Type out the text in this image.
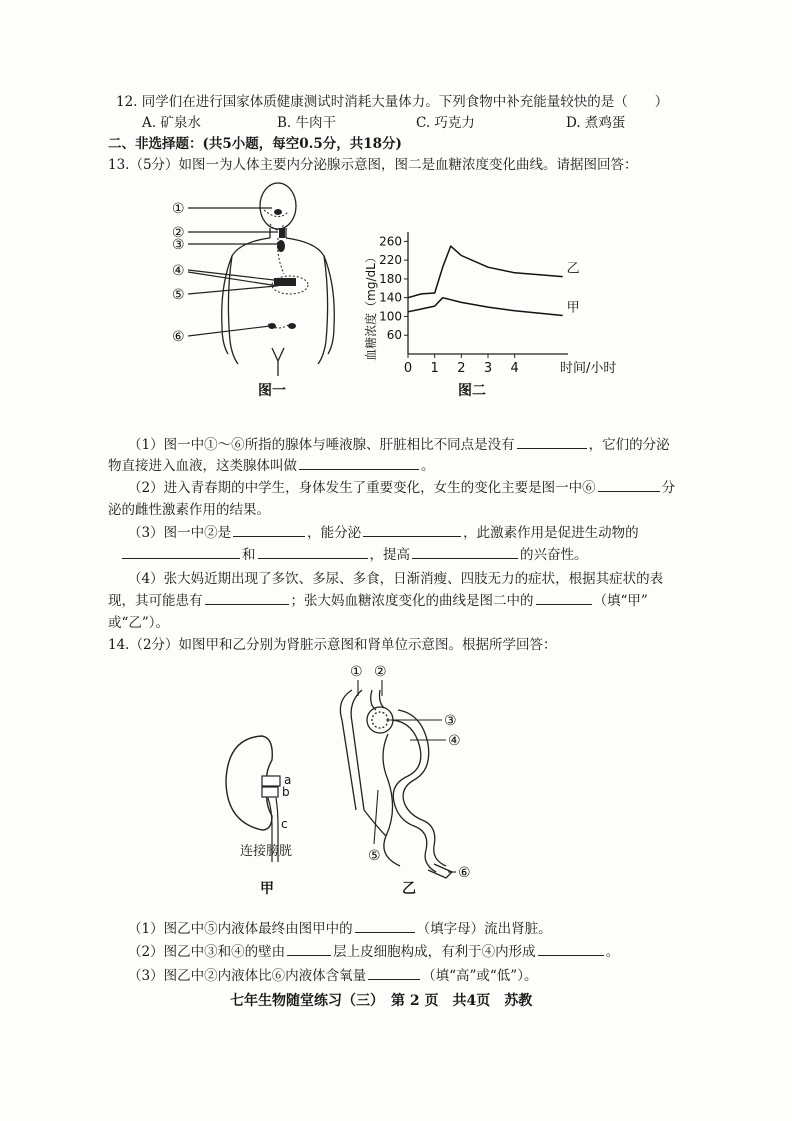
12. 同学们在进行国家体质健康测试时消耗大量体力。下列食物中补充能量较快的是（　　）
A. 矿泉水	B. 牛肉干	C. 巧克力	D. 煮鸡蛋
二、非选择题：(共5小题，每空0.5分，共18分)
13.（5分）如图一为人体主要内分泌腺示意图，图二是血糖浓度变化曲线。请据图回答：
①
②
③
④
⑤
⑥
图一
血糖浓度（mg/dL） 60
100
140
180
220
260
0 1 2 3 4	时间/小时
乙
甲
图二
（1）图一中①～⑥所指的腺体与唾液腺、肝脏相比不同点是没有	，它们的分泌
物直接进入血液，这类腺体叫做	。
（2）进入青春期的中学生，身体发生了重要变化，女生的变化主要是图一中⑥	分
泌的雌性激素作用的结果。
（3）图一中②是	，能分泌	，此激素作用是促进生动物的
和	，提高	的兴奋性。
（4）张大妈近期出现了多饮、多尿、多食，日渐消瘦、四肢无力的症状，根据其症状的表
现，其可能患有	；张大妈血糖浓度变化的曲线是图二中的	（填“甲”
或“乙”）。
14.（2分）如图甲和乙分别为肾脏示意图和肾单位示意图。根据所学回答：
a
b
c
连接膀胱
甲
① ②
③
④
⑤
⑥
乙
（1）图乙中⑤内液体最终由图甲中的	（填字母）流出肾脏。
（2）图乙中③和④的壁由	层上皮细胞构成，有利于④内形成	。
（3）图乙中②内液体比⑥内液体含氧量	（填“高”或“低”）。
七年生物随堂练习（三）　第 2 页　共4页　苏教
